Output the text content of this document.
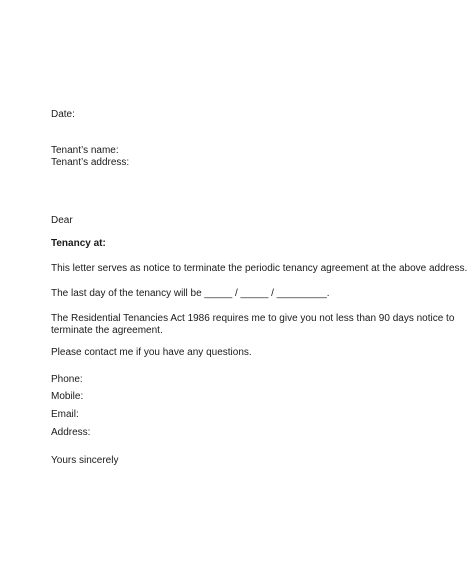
Date:
Tenant’s name:
Tenant’s address:
Dear
Tenancy at:
This letter serves as notice to terminate the periodic tenancy agreement at the above address.
The last day of the tenancy will be _____ / _____ / _________.
The Residential Tenancies Act 1986 requires me to give you not less than 90 days notice to
terminate the agreement.
Please contact me if you have any questions.
Phone:
Mobile:
Email:
Address:
Yours sincerely
